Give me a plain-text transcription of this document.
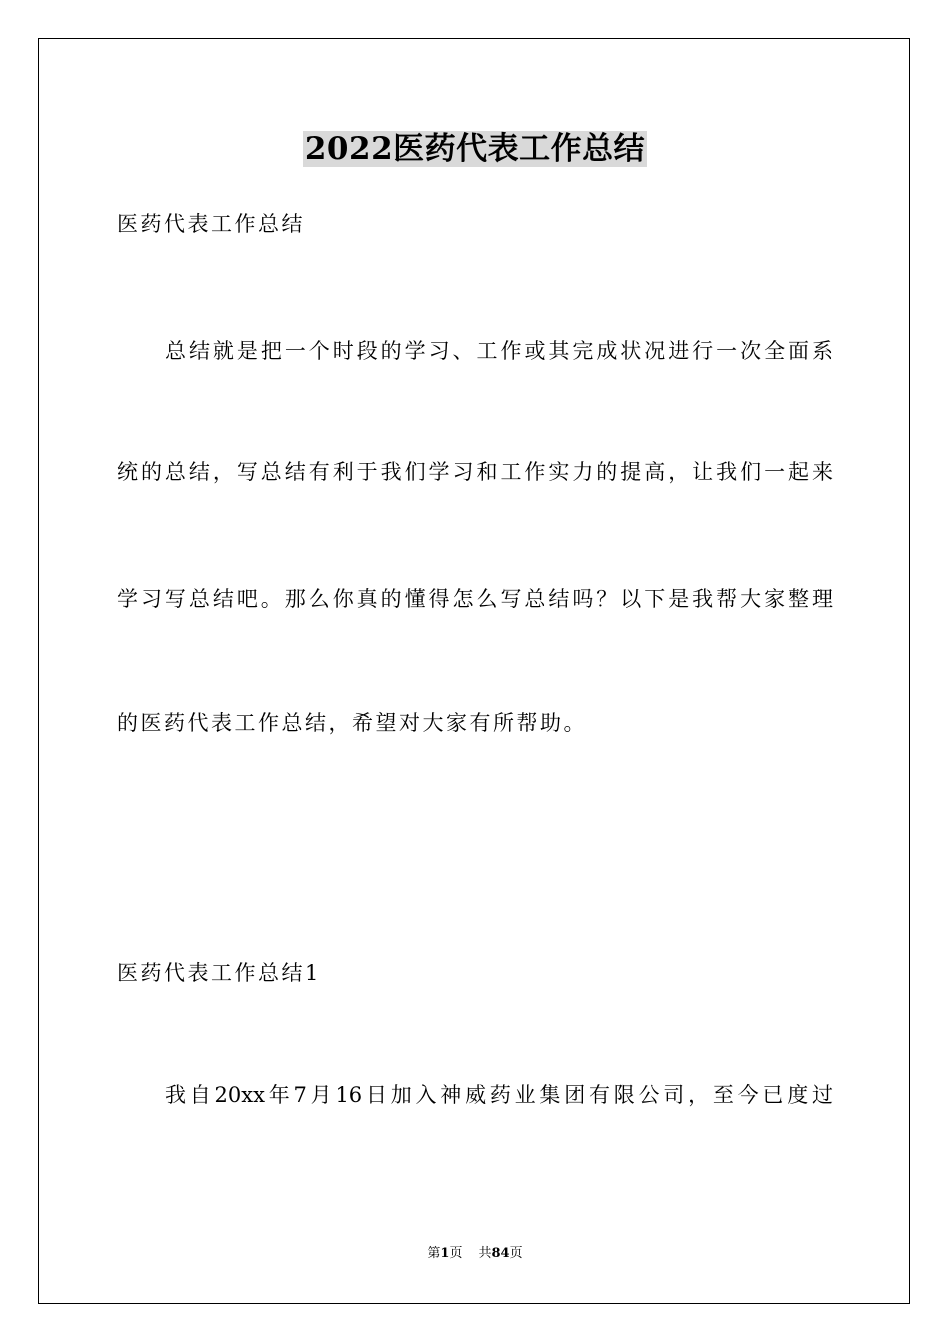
2022医药代表工作总结
医药代表工作总结
总结就是把一个时段的学习、工作或其完成状况进行一次全面系
统的总结，写总结有利于我们学习和工作实力的提高，让我们一起来
学习写总结吧。那么你真的懂得怎么写总结吗？以下是我帮大家整理
的医药代表工作总结，希望对大家有所帮助。
医药代表工作总结1
我自20xx年7月16日加入神威药业集团有限公司，至今已度过
第1页 共84页
